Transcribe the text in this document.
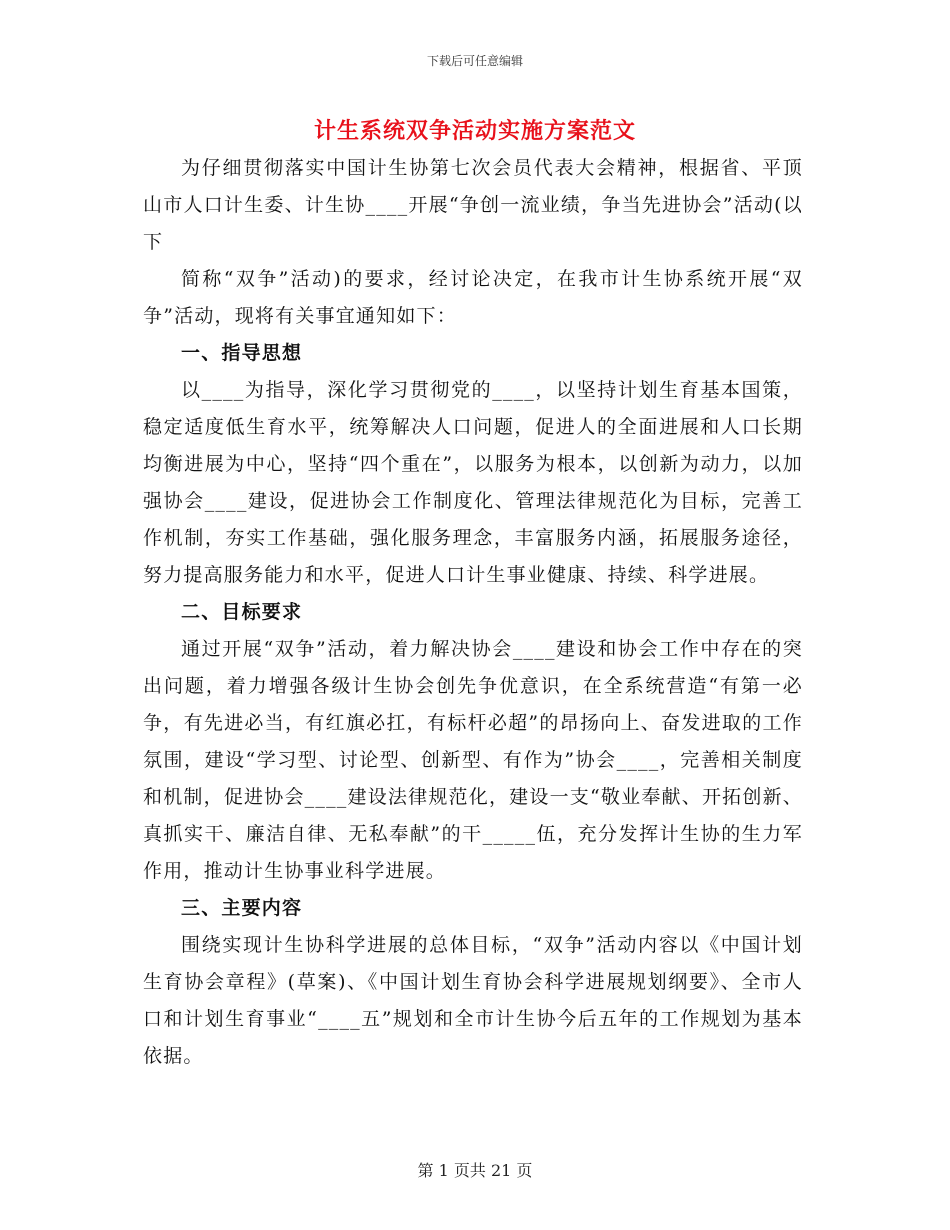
下载后可任意编辑
计生系统双争活动实施方案范文

为仔细贯彻落实中国计生协第七次会员代表大会精神，根据省、平顶山市人口计生委、计生协____开展“争创一流业绩，争当先进协会”活动(以下

简称“双争”活动)的要求，经讨论决定，在我市计生协系统开展“双争”活动，现将有关事宜通知如下：

一、指导思想

以____为指导，深化学习贯彻党的____，以坚持计划生育基本国策，稳定适度低生育水平，统筹解决人口问题，促进人的全面进展和人口长期均衡进展为中心，坚持“四个重在”，以服务为根本，以创新为动力，以加强协会____建设，促进协会工作制度化、管理法律规范化为目标，完善工作机制，夯实工作基础，强化服务理念，丰富服务内涵，拓展服务途径，努力提高服务能力和水平，促进人口计生事业健康、持续、科学进展。

二、目标要求

通过开展“双争”活动，着力解决协会____建设和协会工作中存在的突出问题，着力增强各级计生协会创先争优意识，在全系统营造“有第一必争，有先进必当，有红旗必扛，有标杆必超”的昂扬向上、奋发进取的工作氛围，建设“学习型、讨论型、创新型、有作为”协会____，完善相关制度和机制，促进协会____建设法律规范化，建设一支“敬业奉献、开拓创新、真抓实干、廉洁自律、无私奉献”的干_____伍，充分发挥计生协的生力军作用，推动计生协事业科学进展。

三、主要内容

围绕实现计生协科学进展的总体目标，“双争”活动内容以《中国计划生育协会章程》(草案)、《中国计划生育协会科学进展规划纲要》、全市人口和计划生育事业“____五”规划和全市计生协今后五年的工作规划为基本依据。

第 1 页共 21 页
